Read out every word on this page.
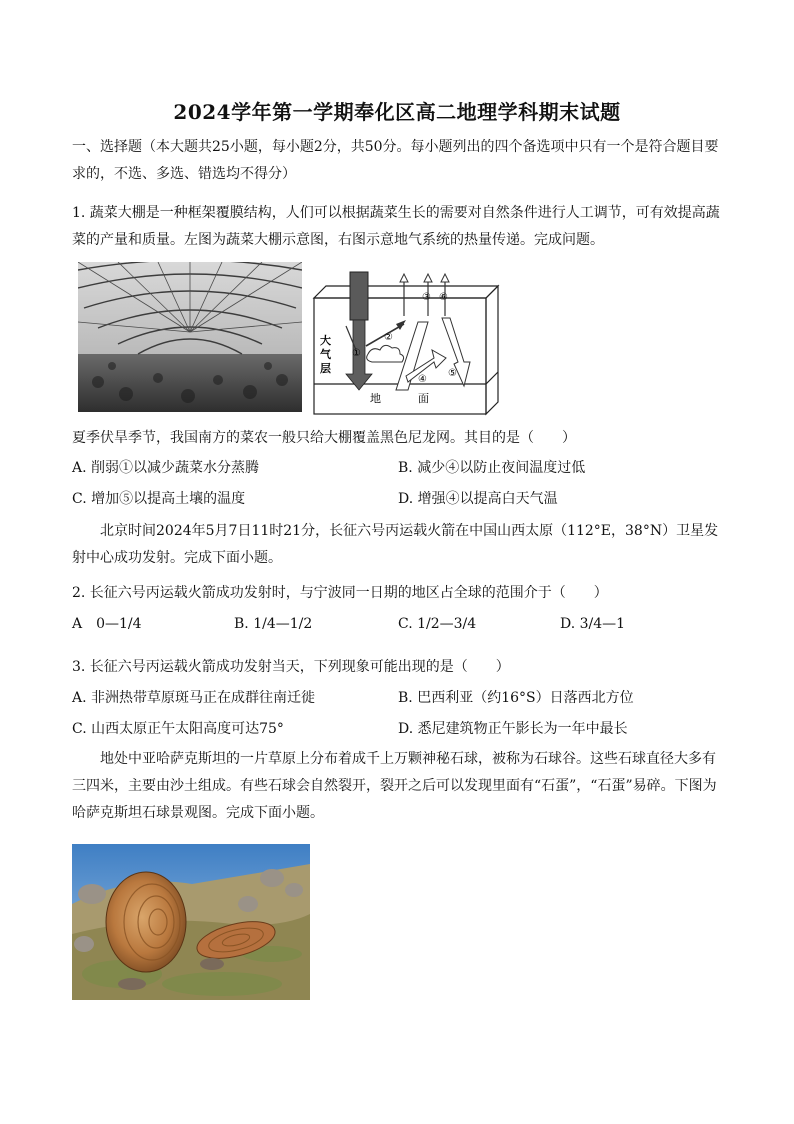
2024学年第一学期奉化区高二地理学科期末试题
一、选择题（本大题共25小题，每小题2分，共50分。每小题列出的四个备选项中只有一个是符合题目要求的，不选、多选、错选均不得分）
1. 蔬菜大棚是一种框架覆膜结构，人们可以根据蔬菜生长的需要对自然条件进行人工调节，可有效提高蔬菜的产量和质量。左图为蔬菜大棚示意图，右图示意地气系统的热量传递。完成问题。
①
②
③ ⑥
④
⑤
大
气
层
地	面
夏季伏旱季节，我国南方的菜农一般只给大棚覆盖黑色尼龙网。其目的是（　　）
A. 削弱①以减少蔬菜水分蒸腾	B. 减少④以防止夜间温度过低
C. 增加⑤以提高土壤的温度	D. 增强④以提高白天气温
北京时间2024年5月7日11时21分，长征六号丙运载火箭在中国山西太原（112°E，38°N）卫星发射中心成功发射。完成下面小题。
2. 长征六号丙运载火箭成功发射时，与宁波同一日期的地区占全球的范围介于（　　）
A　0—1/4	B. 1/4—1/2	C. 1/2—3/4	D. 3/4—1
3. 长征六号丙运载火箭成功发射当天，下列现象可能出现的是（　　）
A. 非洲热带草原斑马正在成群往南迁徙	B. 巴西利亚（约16°S）日落西北方位
C. 山西太原正午太阳高度可达75°	D. 悉尼建筑物正午影长为一年中最长
地处中亚哈萨克斯坦的一片草原上分布着成千上万颗神秘石球，被称为石球谷。这些石球直径大多有三四米，主要由沙土组成。有些石球会自然裂开，裂开之后可以发现里面有“石蛋”，“石蛋”易碎。下图为哈萨克斯坦石球景观图。完成下面小题。
